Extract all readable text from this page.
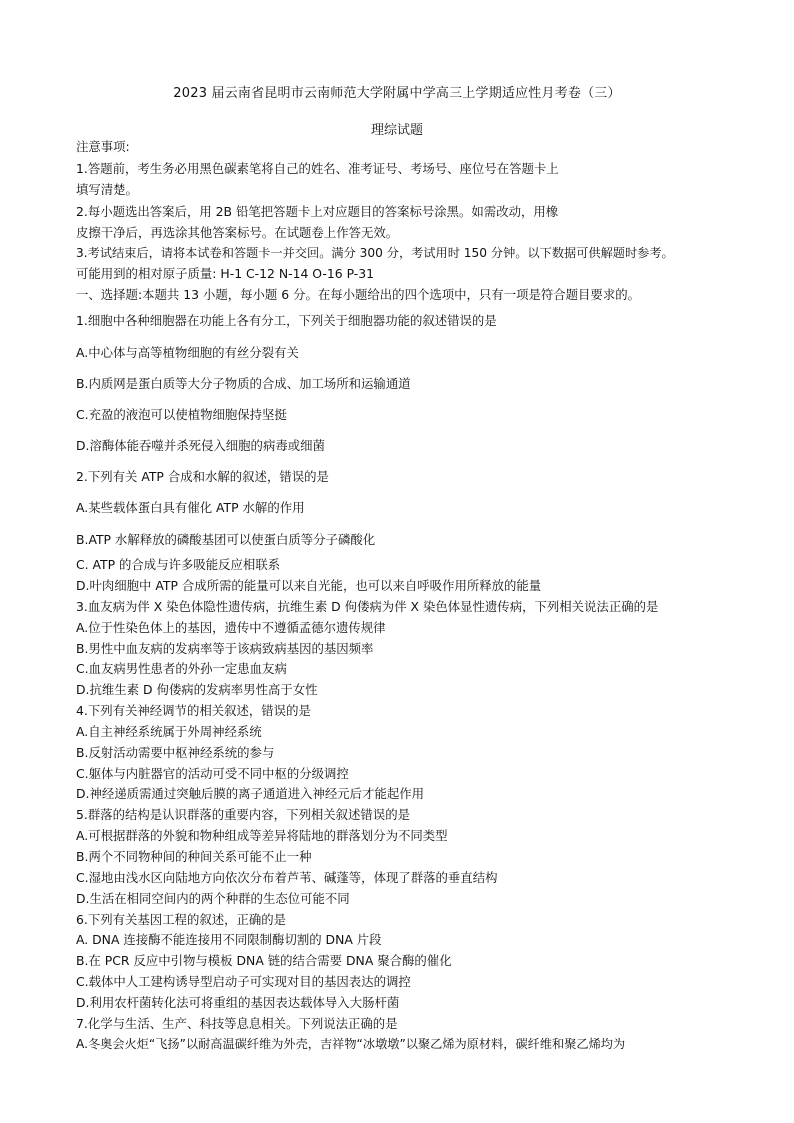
2023 届云南省昆明市云南师范大学附属中学高三上学期适应性月考卷（三）
理综试题
注意事项:
1.答题前，考生务必用黑色碳素笔将自己的姓名、准考证号、考场号、座位号在答题卡上
填写清楚。
2.每小题选出答案后，用 2B 铅笔把答题卡上对应题目的答案标号涂黑。如需改动，用橡
皮擦干净后，再选涂其他答案标号。在试题卷上作答无效。
3.考试结束后，请将本试卷和答题卡一并交回。满分 300 分，考试用时 150 分钟。以下数据可供解题时参考。
可能用到的相对原子质量: H-1 C-12 N-14 O-16 P-31
一、选择题:本题共 13 小题，每小题 6 分。在每小题给出的四个选项中，只有一项是符合题目要求的。
1.细胞中各种细胞器在功能上各有分工，下列关于细胞器功能的叙述错误的是
A.中心体与高等植物细胞的有丝分裂有关
B.内质网是蛋白质等大分子物质的合成、加工场所和运输通道
C.充盈的液泡可以使植物细胞保持坚挺
D.溶酶体能吞噬并杀死侵入细胞的病毒或细菌
2.下列有关 ATP 合成和水解的叙述，错误的是
A.某些载体蛋白具有催化 ATP 水解的作用
B.ATP 水解释放的磷酸基团可以使蛋白质等分子磷酸化
C. ATP 的合成与许多吸能反应相联系
D.叶肉细胞中 ATP 合成所需的能量可以来自光能，也可以来自呼吸作用所释放的能量
3.血友病为伴 X 染色体隐性遗传病，抗维生素 D 佝偻病为伴 X 染色体显性遗传病，下列相关说法正确的是
A.位于性染色体上的基因，遗传中不遵循孟德尔遗传规律
B.男性中血友病的发病率等于该病致病基因的基因频率
C.血友病男性患者的外孙一定患血友病
D.抗维生素 D 佝偻病的发病率男性高于女性
4.下列有关神经调节的相关叙述，错误的是
A.自主神经系统属于外周神经系统
B.反射活动需要中枢神经系统的参与
C.躯体与内脏器官的活动可受不同中枢的分级调控
D.神经递质需通过突触后膜的离子通道进入神经元后才能起作用
5.群落的结构是认识群落的重要内容，下列相关叙述错误的是
A.可根据群落的外貌和物种组成等差异将陆地的群落划分为不同类型
B.两个不同物种间的种间关系可能不止一种
C.湿地由浅水区向陆地方向依次分布着芦苇、碱蓬等，体现了群落的垂直结构
D.生活在相同空间内的两个种群的生态位可能不同
6.下列有关基因工程的叙述，正确的是
A. DNA 连接酶不能连接用不同限制酶切割的 DNA 片段
B.在 PCR 反应中引物与模板 DNA 链的结合需要 DNA 聚合酶的催化
C.载体中人工建构诱导型启动子可实现对目的基因表达的调控
D.利用农杆菌转化法可将重组的基因表达载体导入大肠杆菌
7.化学与生活、生产、科技等息息相关。下列说法正确的是
A.冬奥会火炬“飞扬”以耐高温碳纤维为外壳，吉祥物“冰墩墩”以聚乙烯为原材料，碳纤维和聚乙烯均为
